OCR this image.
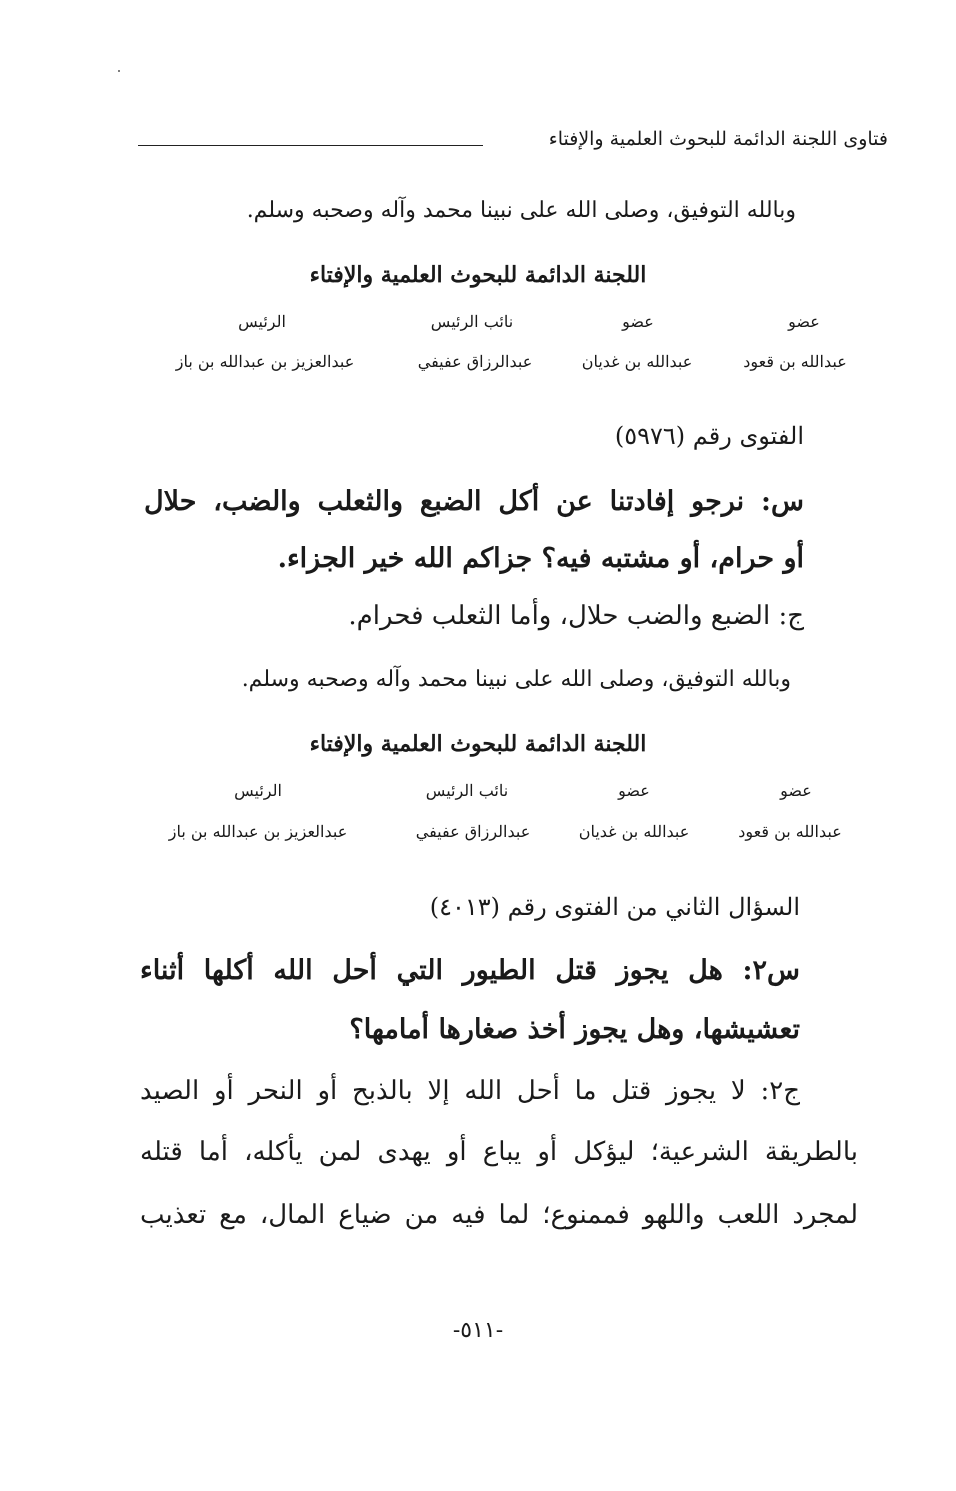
فتاوى اللجنة الدائمة للبحوث العلمية والإفتاء
وبالله التوفيق، وصلى الله على نبينا محمد وآله وصحبه وسلم.
اللجنة الدائمة للبحوث العلمية والإفتاء
عضو
عضو
نائب الرئيس
الرئيس
عبدالله بن قعود
عبدالله بن غديان
عبدالرزاق عفيفي
عبدالعزيز بن عبدالله بن باز
الفتوى رقم (٥٩٧٦)
س: نرجو إفادتنا عن أكل الضبع والثعلب والضب، حلال
أو حرام، أو مشتبه فيه؟ جزاكم الله خير الجزاء.
ج: الضبع والضب حلال، وأما الثعلب فحرام.
وبالله التوفيق، وصلى الله على نبينا محمد وآله وصحبه وسلم.
اللجنة الدائمة للبحوث العلمية والإفتاء
عضو
عضو
نائب الرئيس
الرئيس
عبدالله بن قعود
عبدالله بن غديان
عبدالرزاق عفيفي
عبدالعزيز بن عبدالله بن باز
السؤال الثاني من الفتوى رقم (٤٠١٣)
س٢: هل يجوز قتل الطيور التي أحل الله أكلها أثناء
تعشيشها، وهل يجوز أخذ صغارها أمامها؟
ج٢: لا يجوز قتل ما أحل الله إلا بالذبح أو النحر أو الصيد
بالطريقة الشرعية؛ ليؤكل أو يباع أو يهدى لمن يأكله، أما قتله
لمجرد اللعب واللهو فممنوع؛ لما فيه من ضياع المال، مع تعذيب
-٥١١-
